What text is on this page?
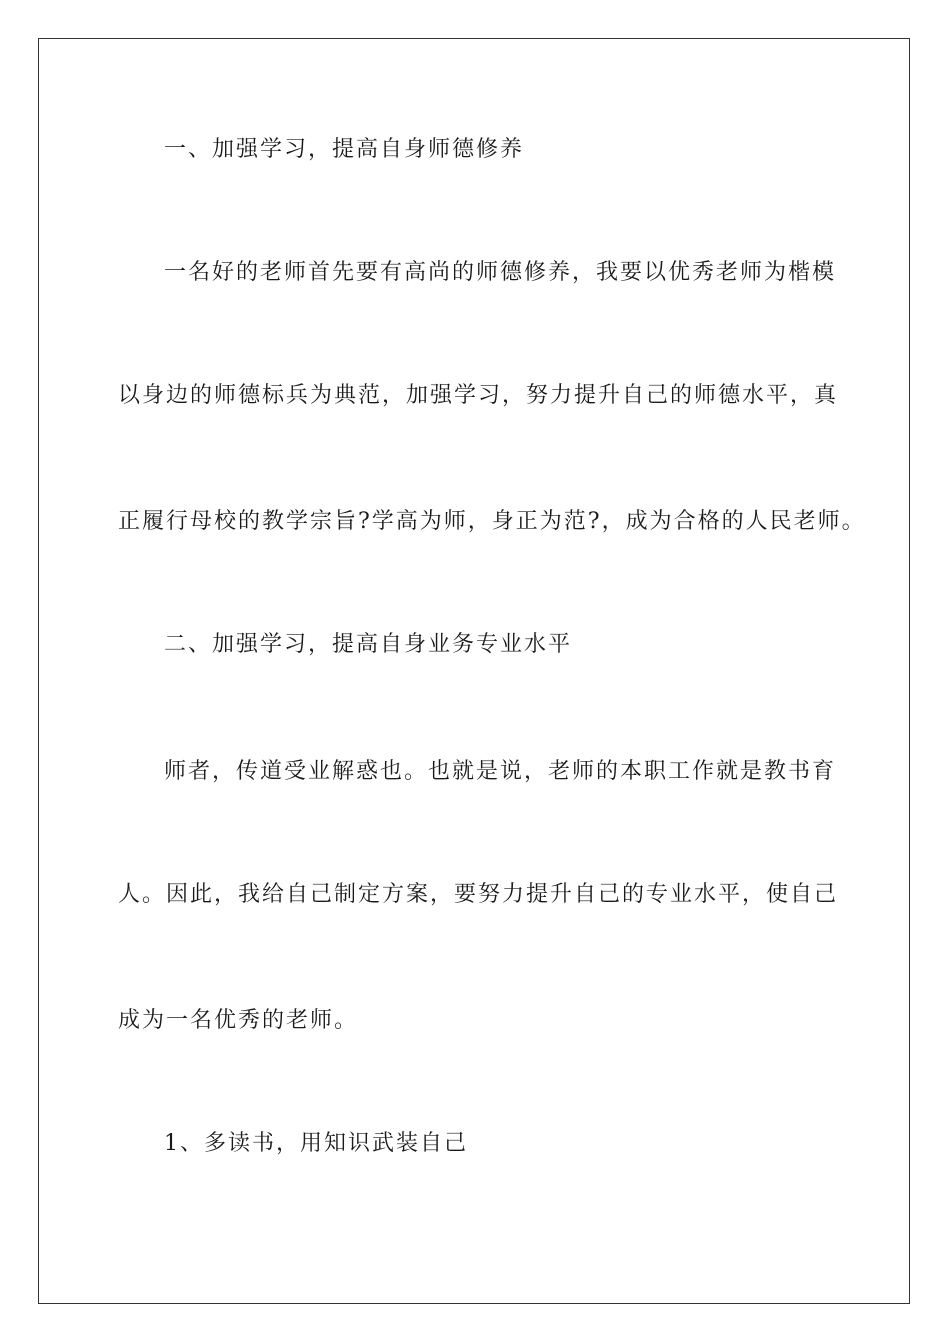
一、加强学习，提高自身师德修养
一名好的老师首先要有高尚的师德修养，我要以优秀老师为楷模
以身边的师德标兵为典范，加强学习，努力提升自己的师德水平，真
正履行母校的教学宗旨?学高为师，身正为范?，成为合格的人民老师。
二、加强学习，提高自身业务专业水平
师者，传道受业解惑也。也就是说，老师的本职工作就是教书育
人。因此，我给自己制定方案，要努力提升自己的专业水平，使自己
成为一名优秀的老师。
1、多读书，用知识武装自己
